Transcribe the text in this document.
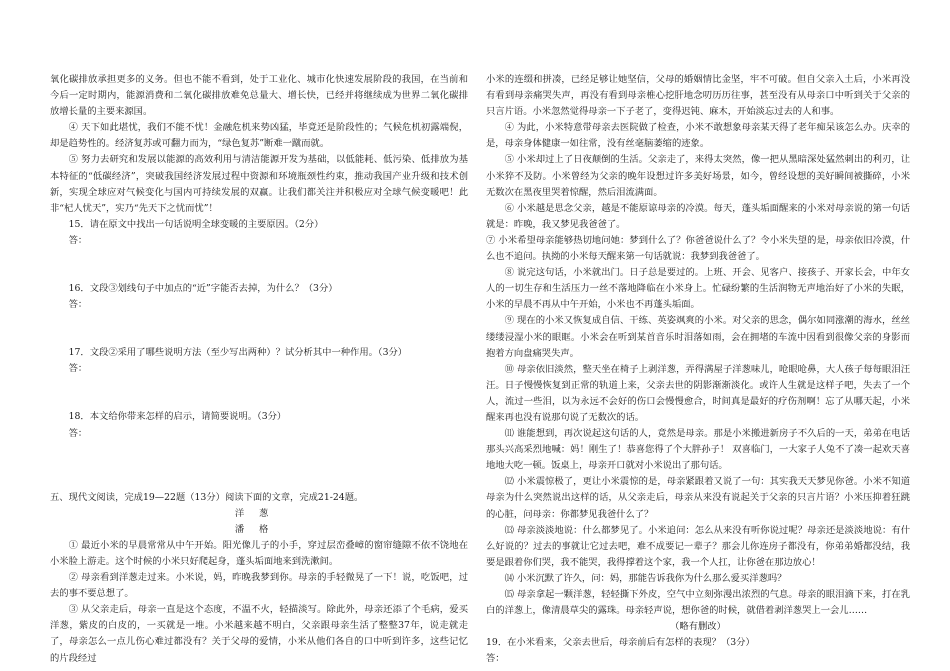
氧化碳排放承担更多的义务。但也不能不看到，处于工业化、城市化快速发展阶段的我国，在当前和今后一定时期内，能源消费和二氧化碳排放难免总量大、增长快，已经并将继续成为世界二氧化碳排放增长量的主要来源国。

④ 天下如此堪忧，我们不能不忧！金融危机来势凶猛，毕竟还是阶段性的；气候危机初露端倪，却是趋势性的。经济复苏或可翻力而为，“绿色复苏”断难一蹴而就。

⑤ 努力去研究和发展以能源的高效利用与清洁能源开发为基础，以低能耗、低污染、低排放为基本特征的“低碳经济”，突破我国经济发展过程中资源和环境瓶颈性约束，推动我国产业升级和技术创新，实现全球应对气候变化与国内可持续发展的双赢。让我们都关注并积极应对全球气候变暖吧！此非“杞人忧天”，实乃“先天下之忧而忧”！

15．请在原文中找出一句话说明全球变暖的主要原因。（2分）

答：

16．文段③划线句子中加点的“近”字能否去掉，为什么？（3分）

答：

17．文段②采用了哪些说明方法（至少写出两种）？试分析其中一种作用。（3分）

答：

18．本文给你带来怎样的启示，请简要说明。（3分）

答：

五、现代文阅读，完成19—22题（13分）阅读下面的文章，完成21-24题。

洋葱

潘格

① 最近小米的早晨常常从中午开始。阳光像儿子的小手，穿过层峦叠嶂的窗帘缝隙不依不饶地在小米脸上游走。这个时候的小米只好爬起身，蓬头垢面地来到洗漱间。

② 母亲看到洋葱走过来。小米说，妈，昨晚我梦到你。母亲的手轻微晃了一下！说，吃饭吧，过去的事不要总想了。

③ 从父亲走后，母亲一直是这个态度，不温不火，轻描淡写。除此外，母亲还添了个毛病，爱买洋葱，紫皮的白皮的，一买就是一堆。小米越来越不明白，父亲跟母亲生活了整整37年，说走就走了，母亲怎么一点儿伤心难过都没有？关于父母的爱情，小米从他们各自的口中听到许多，这些记忆的片段经过

小米的连缀和拼凑，已经足够让她坚信，父母的婚姻情比金坚，牢不可破。但自父亲入土后，小米再没有看到母亲痛哭失声，再没有看到母亲椎心挖肝地念叨历历往事，甚至没有从母亲口中听到关于父亲的只言片语。小米忽然觉得母亲一下子老了，变得迟钝、麻木，开始淡忘过去的人和事。

④ 为此，小米特意带母亲去医院做了检查，小米不敢想象母亲某天得了老年痴呆该怎么办。庆幸的是，母亲身体健康一如往常，没有丝毫脑萎缩的迹象。

⑤ 小米却过上了日夜颠倒的生活。父亲走了，来得太突然，像一把从黑暗深处猛然刺出的利刃，让小米猝不及防。小米曾经为父亲的晚年设想过许多美好场景，如今，曾经设想的美好瞬间被撕碎，小米无数次在黑夜里哭着惊醒，然后泪流满面。

⑥ 小米越是思念父亲，越是不能原谅母亲的冷漠。每天，蓬头垢面醒来的小米对母亲说的第一句话就是：昨晚，我又梦见我爸爸了。

⑦ 小米希望母亲能够热切地问她：梦到什么了？你爸爸说什么了？令小米失望的是，母亲依旧冷漠，什么也不追问。执拗的小米每天醒来第一句话就说：我梦到我爸爸了。

⑧ 说完这句话，小米就出门。日子总是要过的。上班、开会、见客户、接孩子、开家长会，中年女人的一切生存和生活压力一丝不落地降临在小米身上。忙碌纷繁的生活润物无声地治好了小米的失眠，小米的早晨不再从中午开始，小米也不再蓬头垢面。

⑨ 现在的小米又恢复成自信、干练、英姿飒爽的小米。对父亲的思念，偶尔如同涨潮的海水，丝丝缕缕浸湿小米的眼眶。小米会在听到某首音乐时泪落如雨，会在拥堵的车流中因看到很像父亲的身影而抱着方向盘痛哭失声。

⑩ 母亲依旧淡然，整天坐在椅子上剥洋葱，弄得满屋子洋葱味儿，呛眼呛鼻，大人孩子每每眼泪汪汪。日子慢慢恢复到正常的轨道上来，父亲去世的阴影渐渐淡化。或许人生就是这样子吧，失去了一个人，流过一些泪，以为永远不会好的伤口会慢慢愈合，时间真是最好的疗伤剂啊！忘了从哪天起，小米醒来再也没有说那句说了无数次的话。

⑾ 谁能想到，再次说起这句话的人，竟然是母亲。那是小米搬进新房子不久后的一天，弟弟在电话那头兴高采烈地喊：妈！刚生了！恭喜您得了个大胖孙子！ 双喜临门，一大家子人兔不了凑一起欢天喜地地大吃一顿。饭桌上，母亲开口就对小米说出了那句话。

⑿ 小米震惊极了，更让小米震惊的是，母亲紧跟着又说了一句：其实我天天梦见你爸。小米不知道母亲为什么突然说出这样的话，从父亲走后，母亲从来没有说起关于父亲的只言片语？小米压抑着狂跳的心脏，问母亲：你都梦见我爸什么了？

⒀ 母亲淡淡地说：什么都梦见了。小米追问：怎么从来没有听你说过呢？母亲还是淡淡地说：有什么好说的？过去的事就让它过去吧，难不成要记一辈子？那会儿你连房子都没有，你弟弟婚都没结，我要是跟着你们哭，我不能哭，我得撑着这个家，我一个人扛，让你爸在那边放心！

⒁ 小米沉默了许久，问：妈，那能告诉我你为什么那么爱买洋葱吗？

⒂ 母亲拿起一颗洋葱，轻轻撕下外皮，空气中立刻弥漫出浓烈的气息。母亲的眼泪滴下来，打在乳白的洋葱上，像清晨草尖的露珠。母亲轻声说，想你爸的时候，就借着剥洋葱哭上一会儿……

（略有删改）

19．在小米看来，父亲去世后，母亲前后有怎样的表现？（3分）

答：
